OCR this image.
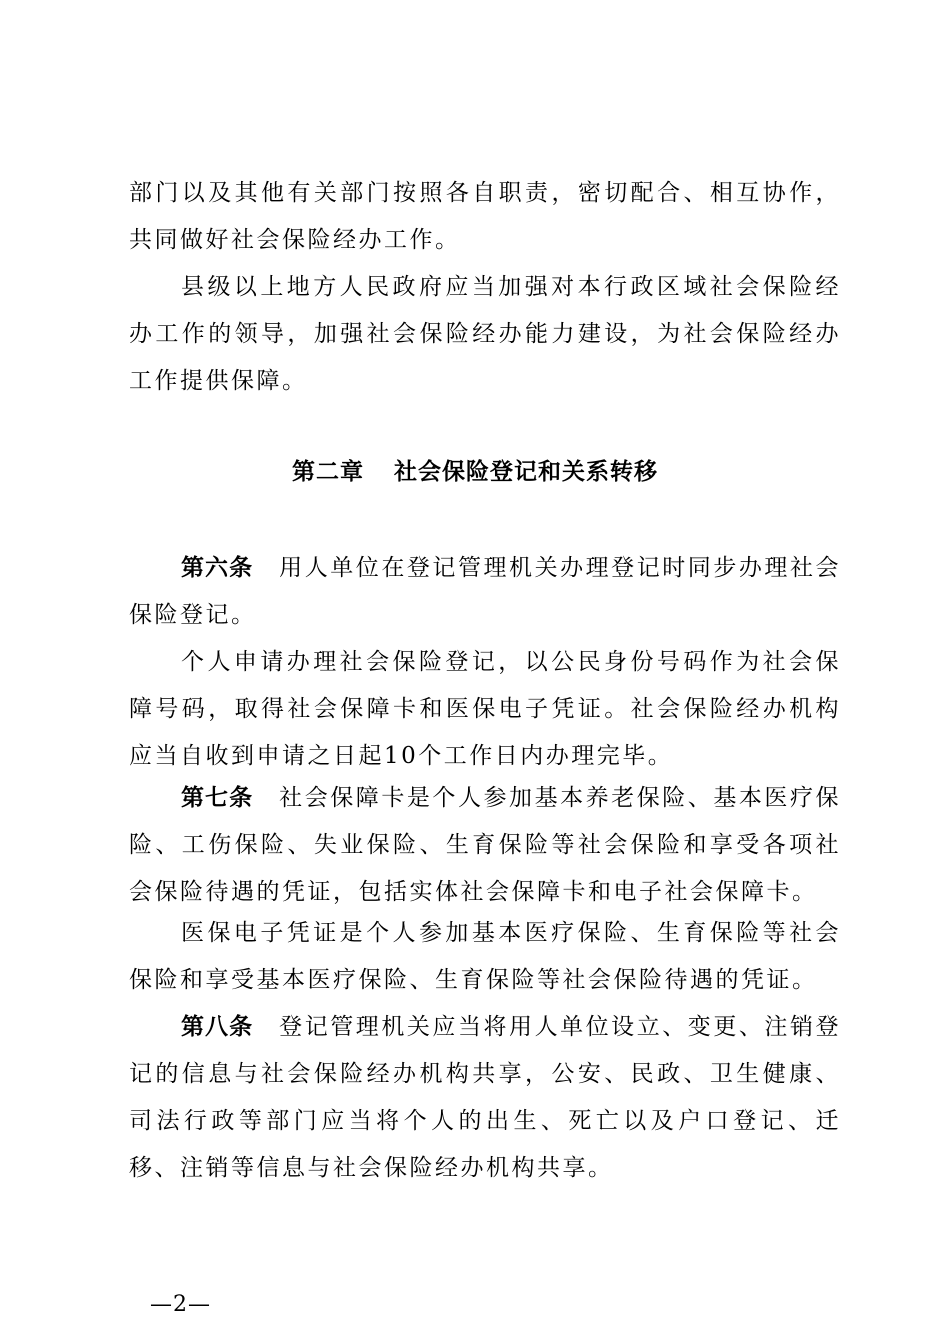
部门以及其他有关部门按照各自职责，密切配合、相互协作，共同做好社会保险经办工作。

县级以上地方人民政府应当加强对本行政区域社会保险经办工作的领导，加强社会保险经办能力建设，为社会保险经办工作提供保障。

第二章 社会保险登记和关系转移

第六条 用人单位在登记管理机关办理登记时同步办理社会保险登记。

个人申请办理社会保险登记，以公民身份号码作为社会保障号码，取得社会保障卡和医保电子凭证。社会保险经办机构应当自收到申请之日起10个工作日内办理完毕。

第七条 社会保障卡是个人参加基本养老保险、基本医疗保险、工伤保险、失业保险、生育保险等社会保险和享受各项社会保险待遇的凭证，包括实体社会保障卡和电子社会保障卡。

医保电子凭证是个人参加基本医疗保险、生育保险等社会保险和享受基本医疗保险、生育保险等社会保险待遇的凭证。

第八条 登记管理机关应当将用人单位设立、变更、注销登记的信息与社会保险经办机构共享，公安、民政、卫生健康、司法行政等部门应当将个人的出生、死亡以及户口登记、迁移、注销等信息与社会保险经办机构共享。

—2—
